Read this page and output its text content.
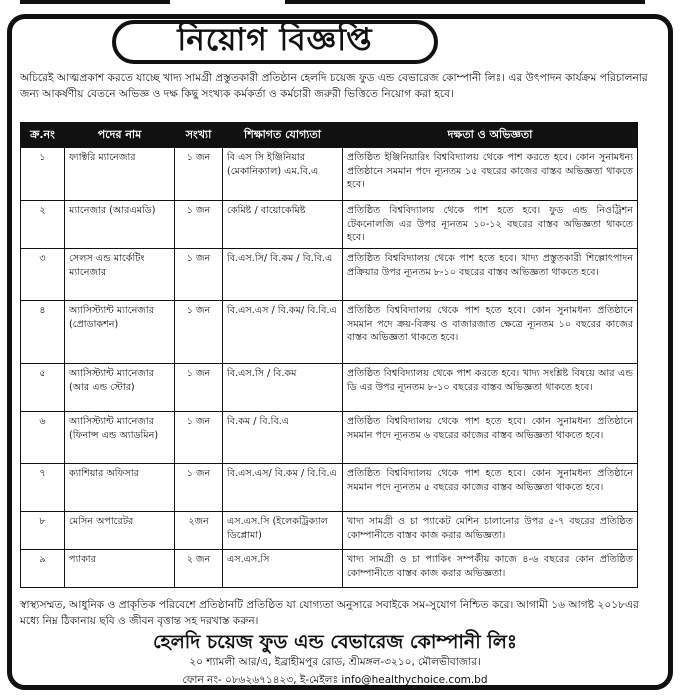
নিয়োগ বিজ্ঞপ্তি
অচিরেই আত্মপ্রকাশ করতে যাচ্ছে খাদ্য সামগ্রী প্রস্তুতকারী প্রতিষ্ঠান হেলদি চয়েজ ফুড এন্ড বেভারেজ কোম্পানী লিঃ। এর উৎপাদন কার্যক্রম পরিচালনার জন্য আকর্ষণীয় বেতনে অভিজ্ঞ ও দক্ষ কিছু সংখ্যক কর্মকর্তা ও কর্মচারী জরুরী ভিত্তিতে নিয়োগ করা হবে।
ক্র.নং	পদের নাম	সংখ্যা	শিক্ষাগত যোগ্যতা	দক্ষতা ও অভিজ্ঞতা
১	ফ্যাক্টরি ম্যানেজার	১ জন	বি এস সি ইঞ্জিনিয়ার (মেকানিক্যাল) এম.বি.এ	প্রতিষ্ঠিত ইঞ্জিনিয়ারিং বিশ্ববিদ্যালয় থেকে পাশ করতে হবে। কোন সুনামধন্য প্রতিষ্ঠানে সমমান পদে ন্যূনতম ১৫ বছরের কাজের বাস্তব অভিজ্ঞতা থাকতে হবে।
২	ম্যানেজার (আরএমডি)	১ জন	কেমিষ্ট / বায়োকেমিষ্ট	প্রতিষ্ঠিত বিশ্ববিদ্যালয় থেকে পাশ হতে হবে। ফুড এন্ড নিওট্রিশন টেকনোলজি এর উপর ন্যূনতম ১০-১২ বছরের বাস্তব অভিজ্ঞতা থাকতে হবে।
৩	সেলস এন্ড মার্কেটিং ম্যানেজার	১ জন	বি.এস.সি/ বি.কম / বি.বি.এ	প্রতিষ্ঠিত বিশ্ববিদ্যালয় থেকে পাশ হতে হবে। খাদ্য প্রস্তুতকারী শিল্পোৎপাদন প্রক্রিয়ার উপর ন্যূনতম ৮-১০ বছরের বাস্তব অভিজ্ঞতা থাকতে হবে।
৪	অ্যাসিস্ট্যান্ট ম্যানেজার (প্রোডাকশন)	১ জন	বি.এস.এস / বি.কম/ বি.বি.এ	প্রতিষ্ঠিত বিশ্ববিদ্যালয় থেকে পাশ হতে হবে। কোন সুনামধন্য প্রতিষ্ঠানে সমমান পদে ক্রয়-বিক্রয় ও বাজারজাত ক্ষেত্রে ন্যূনতম ১০ বছরের কাজের বাস্তব অভিজ্ঞতা থাকতে হবে।
৫	অ্যাসিস্ট্যান্ট ম্যানেজার (আর এন্ড স্টোর)	১ জন	বি.এস.সি / বি.কম	প্রতিষ্ঠিত বিশ্ববিদ্যালয় থেকে পাশ করতে হবে। খাদ্য সংশ্লিষ্ট বিষয়ে আর এন্ড ডি এর উপর ন্যূনতম ৮-১০ বছরের বাস্তব অভিজ্ঞতা থাকতে হবে।
৬	অ্যাসিস্ট্যান্ট ম্যানেজার (ফিনান্স এন্ড অ্যাডমিন)	১ জন	বি.কম / বি.বি.এ	প্রতিষ্ঠিত বিশ্ববিদ্যালয় থেকে পাশ হতে হবে। কোন সুনামধন্য প্রতিষ্ঠানে সমমান পদে ন্যূনতম ৬ বছরের কাজের বাস্তব অভিজ্ঞতা থাকতে হবে।
৭	ক্যাশিয়ার অফিসার	১ জন	বি.এস.এস/ বি.কম / বি.বি.এ	প্রতিষ্ঠিত বিশ্ববিদ্যালয় থেকে পাশ হতে হবে। কোন সুনামধন্য প্রতিষ্ঠানে সমমান পদে ন্যূনতম ৫ বছরের কাজের বাস্তব অভিজ্ঞতা থাকতে হবে।
৮	মেসিন অপারেটর	২জন	এস.এস.সি (ইলেকট্রিক্যাল ডিপ্লোমা)	খাদ্য সামগ্রী ও চা প্যাকেট মেশিন চালানোর উপর ৫-৭ বছরের প্রতিষ্ঠিত কোম্পানীতে বাস্তব কাজ করার অভিজ্ঞতা।
৯	প্যাকার	২ জন	এস.এস.সি	খাদ্য সামগ্রী ও চা প্যাকিং সম্পর্কীয় কাজে ৪-৬ বছরের কোন প্রতিষ্ঠিত কোম্পানীতে বাস্তব কাজ করার অভিজ্ঞতা।
স্বাস্থ্যসম্মত, আধুনিক ও প্রাকৃতিক পরিবেশে প্রতিষ্ঠানটি প্রতিষ্ঠিত যা যোগ্যতা অনুসারে সবাইকে সম-সুযোগ নিশ্চিত করে। আগামী ১৬ আগষ্ট ২০১৮এর মধ্যে নিম্ন ঠিকানায় ছবি ও জীবন বৃত্তান্ত সহ দরখাস্ত করুন।
হেলদি চয়েজ ফুড এন্ড বেভারেজ কোম্পানী লিঃ
২০ শ্যামলী আর/এ, ইব্রাহীমপুর রোড, শ্রীমঙ্গল-৩২১০, মৌলভীবাজার।
ফোন নং- ০৮৬২৬৭১৪২৩, ই-মেইলঃ info@healthychoice.com.bd
